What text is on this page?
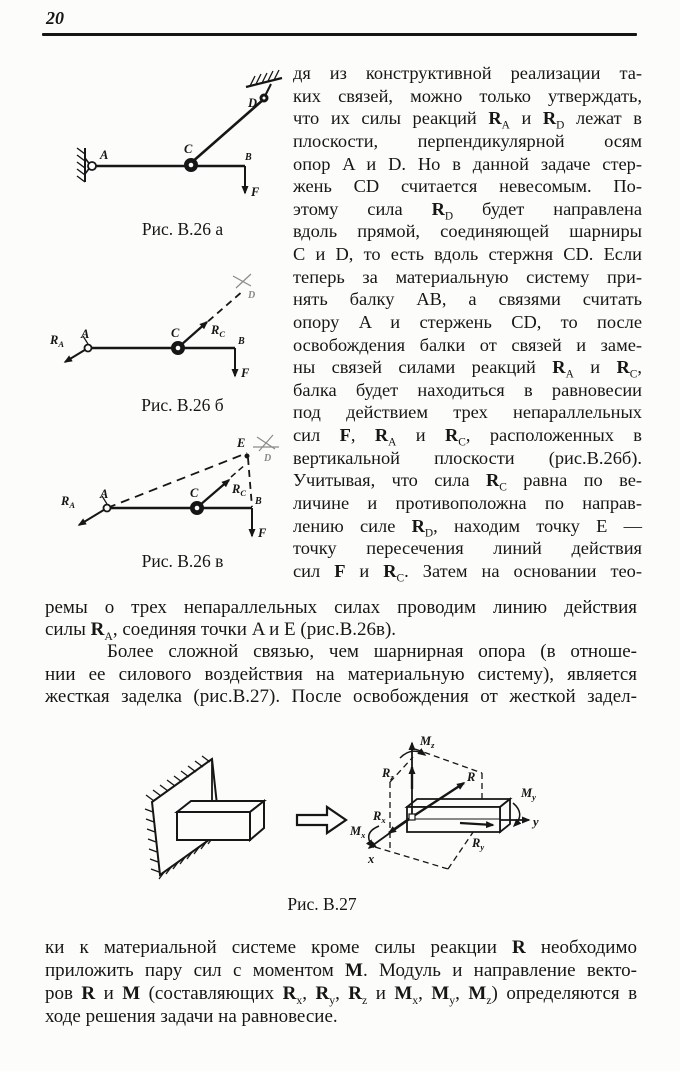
20
A	C
D
B
F
Рис. В.26 а
$R_A$
A	C	$R_C$
D
B
F
Рис. В.26 б
$R_A$
A	C	$R_C$
E
D
B
F
Рис. В.26 в
дя из конструктивной реализации та-
ких связей, можно только утверждать,
что их силы реакций $R_A$ и $R_D$ лежат в
плоскости, перпендикулярной осям
опор A и D. Но в данной задаче стер-
жень CD считается невесомым. По-
этому сила $R_D$ будет направлена
вдоль прямой, соединяющей шарниры
C и D, то есть вдоль стержня CD. Если
теперь за материальную систему при-
нять балку AB, а связями считать
опору A и стержень CD, то после
освобождения балки от связей и заме-
ны связей силами реакций $R_A$ и $R_C$,
балка будет находиться в равновесии
под действием трех непараллельных
сил F, $R_A$ и $R_C$, расположенных в
вертикальной плоскости (рис.В.26б).
Учитывая, что сила $R_C$ равна по ве-
личине и противоположна по направ-
лению силе $R_D$, находим точку E —
точку пересечения линий действия
сил F и $R_C$. Затем на основании тео-
ремы о трех непараллельных силах проводим линию действия
силы $R_A$, соединяя точки A и E (рис.В.26в).
Более сложной связью, чем шарнирная опора (в отноше-
нии ее силового воздействия на материальную систему), является
жесткая заделка (рис.В.27). После освобождения от жесткой задел-
$M_z$
$R_z$	R
$M_y$
y
$R_y$
$R_x$
$M_x$
x
Рис. В.27
ки к материальной системе кроме силы реакции R необходимо
приложить пару сил с моментом M. Модуль и направление векто-
ров R и M (составляющих $R_x$, $R_y$, $R_z$ и $M_x$, $M_y$, $M_z$) определяются в
ходе решения задачи на равновесие.
